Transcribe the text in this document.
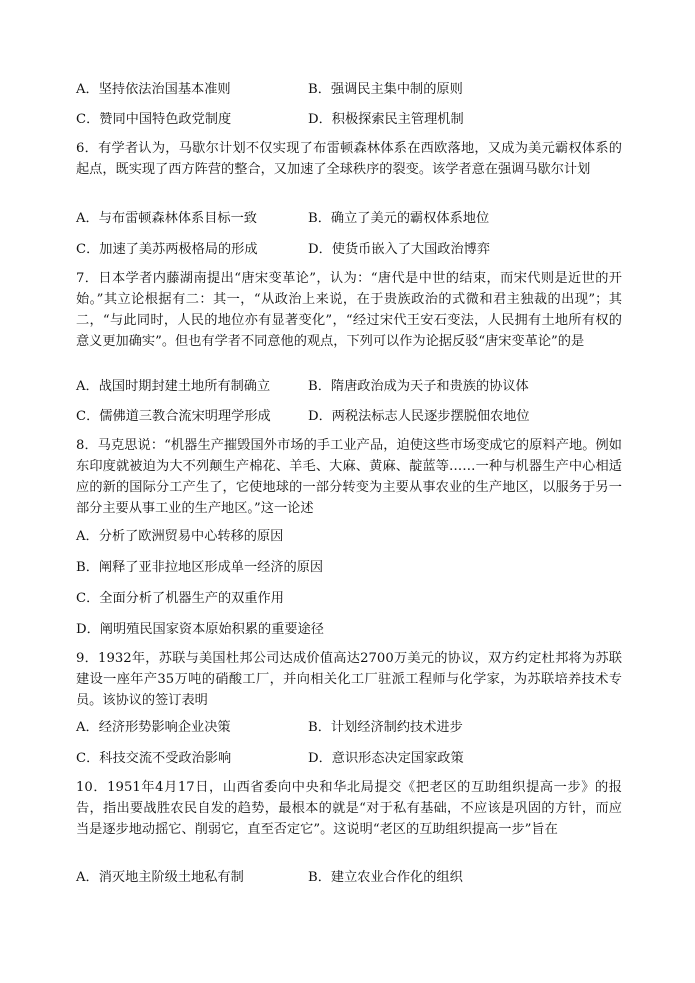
A．坚持依法治国基本准则	B．强调民主集中制的原则
C．赞同中国特色政党制度	D．积极探索民主管理机制

6．有学者认为，马歇尔计划不仅实现了布雷顿森林体系在西欧落地，又成为美元霸权体系的起点，既实现了西方阵营的整合，又加速了全球秩序的裂变。该学者意在强调马歇尔计划

A．与布雷顿森林体系目标一致	B．确立了美元的霸权体系地位
C．加速了美苏两极格局的形成	D．使货币嵌入了大国政治博弈

7．日本学者内藤湖南提出“唐宋变革论”，认为：“唐代是中世的结束，而宋代则是近世的开始。”其立论根据有二：其一，“从政治上来说，在于贵族政治的式微和君主独裁的出现”；其二，“与此同时，人民的地位亦有显著变化”，“经过宋代王安石变法，人民拥有土地所有权的意义更加确实”。但也有学者不同意他的观点，下列可以作为论据反驳“唐宋变革论”的是

A．战国时期封建土地所有制确立	B．隋唐政治成为天子和贵族的协议体
C．儒佛道三教合流宋明理学形成	D．两税法标志人民逐步摆脱佃农地位

8．马克思说：“机器生产摧毁国外市场的手工业产品，迫使这些市场变成它的原料产地。例如东印度就被迫为大不列颠生产棉花、羊毛、大麻、黄麻、靛蓝等……一种与机器生产中心相适应的新的国际分工产生了，它使地球的一部分转变为主要从事农业的生产地区，以服务于另一部分主要从事工业的生产地区。”这一论述

A．分析了欧洲贸易中心转移的原因
B．阐释了亚非拉地区形成单一经济的原因
C．全面分析了机器生产的双重作用
D．阐明殖民国家资本原始积累的重要途径

9．1932年，苏联与美国杜邦公司达成价值高达2700万美元的协议，双方约定杜邦将为苏联建设一座年产35万吨的硝酸工厂，并向相关化工厂驻派工程师与化学家，为苏联培养技术专员。该协议的签订表明

A．经济形势影响企业决策	B．计划经济制约技术进步
C．科技交流不受政治影响	D．意识形态决定国家政策

10．1951年4月17日，山西省委向中央和华北局提交《把老区的互助组织提高一步》的报告，指出要战胜农民自发的趋势，最根本的就是“对于私有基础，不应该是巩固的方针，而应当是逐步地动摇它、削弱它，直至否定它”。这说明“老区的互助组织提高一步”旨在

A．消灭地主阶级土地私有制	B．建立农业合作化的组织
